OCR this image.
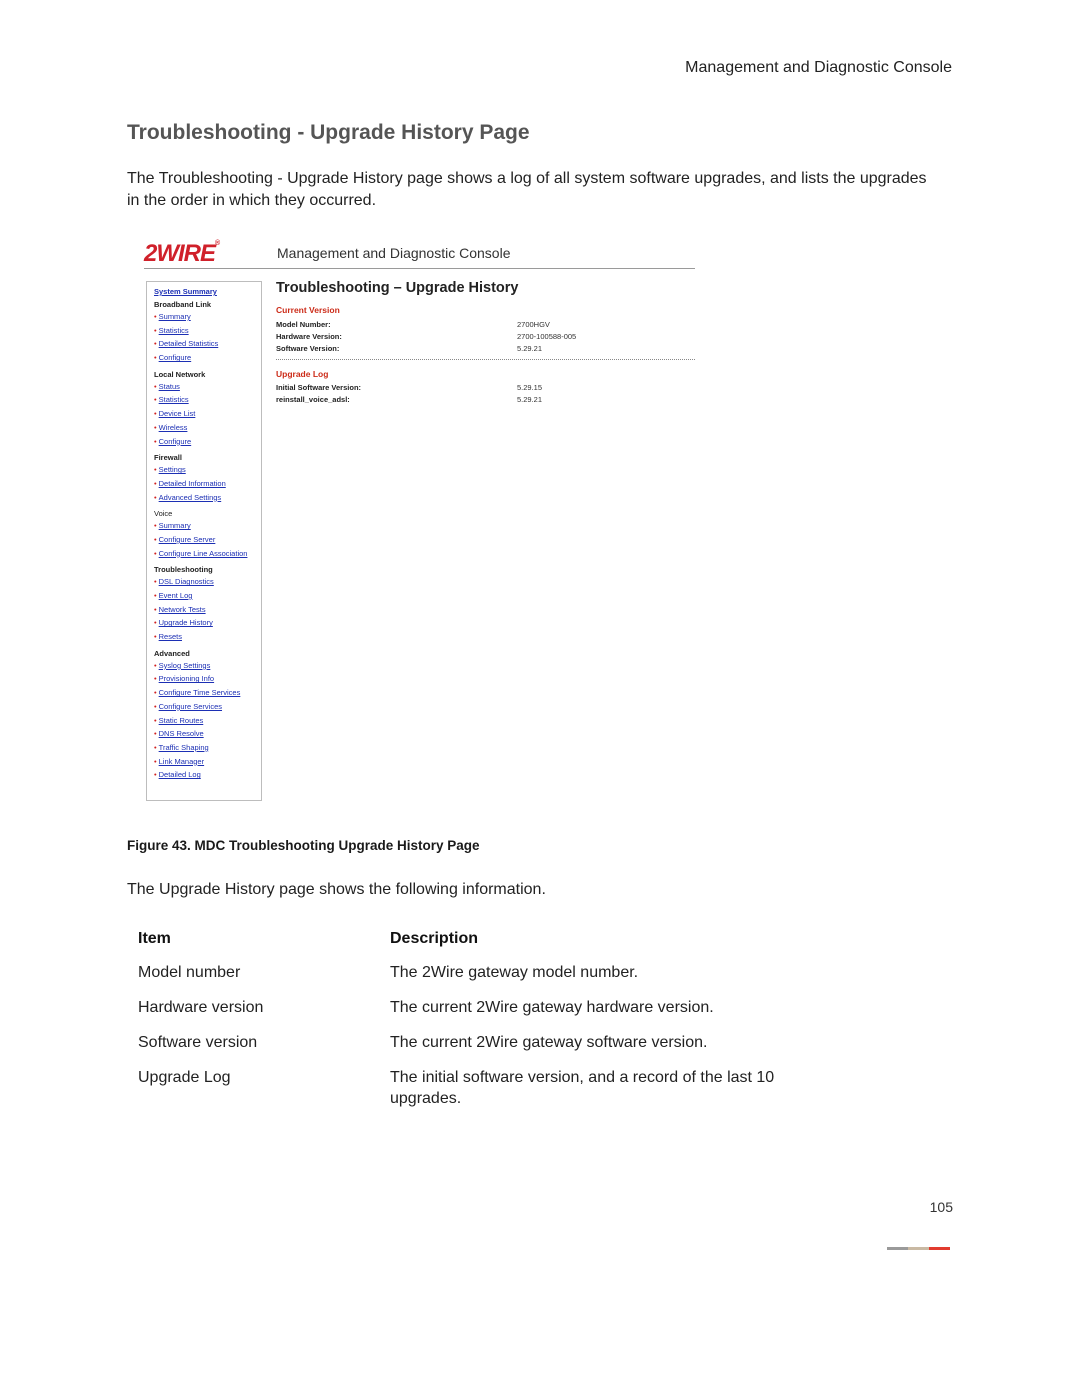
Management and Diagnostic Console
Troubleshooting - Upgrade History Page

The Troubleshooting - Upgrade History page shows a log of all system software upgrades, and lists the upgrades in the order in which they occurred.

2WIRE®
Management and Diagnostic Console
System Summary
Broadband Link
• Summary
• Statistics
• Detailed Statistics
• Configure
Local Network
• Status
• Statistics
• Device List
• Wireless
• Configure
Firewall
• Settings
• Detailed Information
• Advanced Settings
Voice
• Summary
• Configure Server
• Configure Line Association
Troubleshooting
• DSL Diagnostics
• Event Log
• Network Tests
• Upgrade History
• Resets
Advanced
• Syslog Settings
• Provisioning Info
• Configure Time Services
• Configure Services
• Static Routes
• DNS Resolve
• Traffic Shaping
• Link Manager
• Detailed Log
Troubleshooting – Upgrade History
Current Version
Model Number:	2700HGV
Hardware Version:	2700-100588-005
Software Version:	5.29.21
Upgrade Log
Initial Software Version:	5.29.15
reinstall_voice_adsl:	5.29.21

Figure 43. MDC Troubleshooting Upgrade History Page

The Upgrade History page shows the following information.

Item	Description
Model number	The 2Wire gateway model number.
Hardware version	The current 2Wire gateway hardware version.
Software version	The current 2Wire gateway software version.
Upgrade Log	The initial software version, and a record of the last 10 upgrades.
105
